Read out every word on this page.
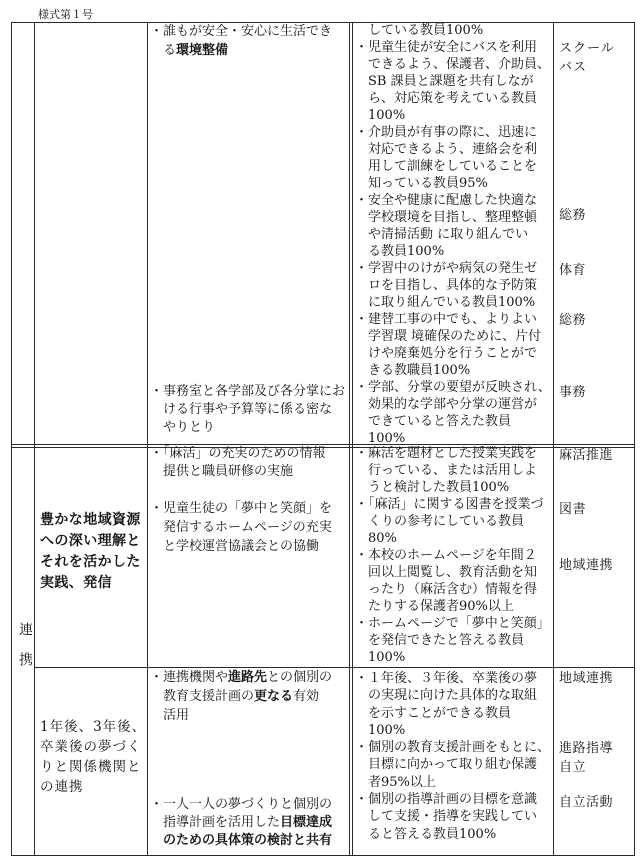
様式第１号
・誰もが安全・安心に生活でき
る環境整備
・事務室と各学部及び各分掌にお
ける行事や予算等に係る密な
やりとり
している教員100%
・児童生徒が安全にバスを利用
できるよう、保護者、介助員、
SB 課員と課題を共有しなが
ら、対応策を考えている教員
100%
・介助員が有事の際に、迅速に
対応できるよう、連絡会を利
用して訓練をしていることを
知っている教員95%
・安全や健康に配慮した快適な
学校環境を目指し、整理整頓
や清掃活動 に取り組んでい
る教員100%
・学習中のけがや病気の発生ゼ
ロを目指し、具体的な予防策
に取り組んでいる教員100%
・建替工事の中でも、よりよい
学習環 境確保のために、片付
けや廃棄処分を行うことがで
きる教職員100%
・学部、分掌の要望が反映され、
効果的な学部や分掌の運営が
できていると答えた教員
100%
スクールバス
総務
体育
総務
事務
連携
豊かな地域資源
への深い理解と
それを活かした
実践、発信
・「麻活」の充実のための情報
提供と職員研修の実施
・児童生徒の「夢中と笑顔」を
発信するホームページの充実
と学校運営協議会との協働
・麻活を題材とした授業実践を
行っている、または活用しよ
うと検討した教員100%
・「麻活」に関する図書を授業づ
くりの参考にしている教員
80%
・本校のホームページを年間２
回以上閲覧し、教育活動を知
ったり（麻活含む）情報を得
たりする保護者90%以上
・ホームページで「夢中と笑顔」
を発信できたと答える教員
100%
麻活推進
図書
地域連携
1年後、3年後、
卒業後の夢づく
りと関係機関と
の連携
・連携機関や進路先との個別の
教育支援計画の更なる有効
活用
・一人一人の夢づくりと個別の
指導計画を活用した目標達成
のための具体策の検討と共有
・１年後、３年後、卒業後の夢
の実現に向けた具体的な取組
を示すことができる教員
100%
・個別の教育支援計画をもとに、
目標に向かって取り組む保護
者95%以上
・個別の指導計画の目標を意識
して支援・指導を実践してい
ると答える教員100%
地域連携
進路指導
自立
自立活動
